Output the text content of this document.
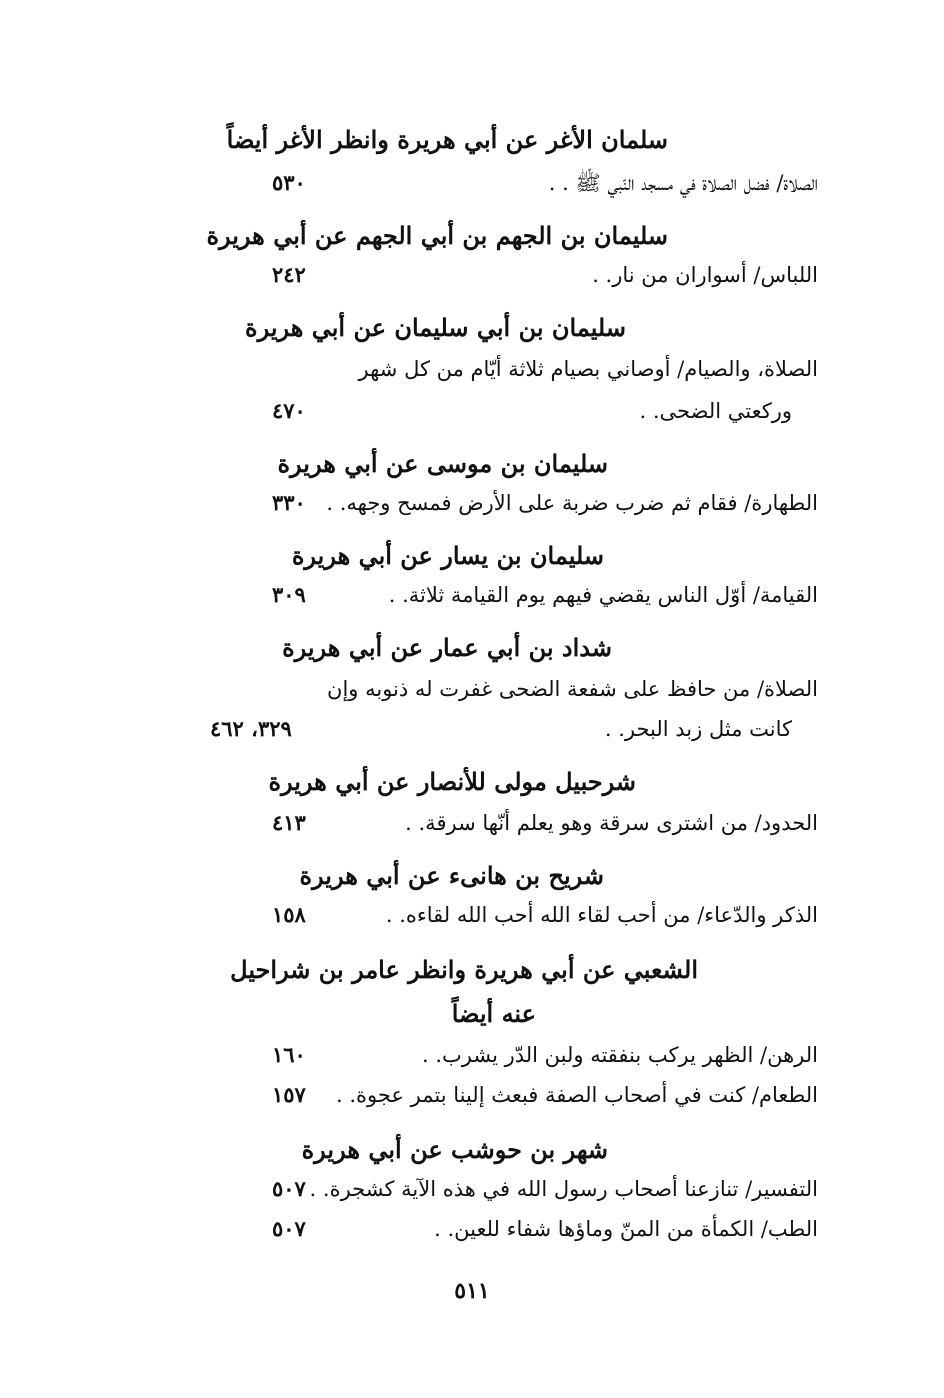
سلمان الأغر عن أبي هريرة وانظر الأغر أيضاً
الصلاة/ فضل الصلاة في مسجد النّبي ﷺ . .
٥٣٠
سليمان بن الجهم بن أبي الجهم عن أبي هريرة
اللباس/ أسواران من نار. .
٢٤٢
سليمان بن أبي سليمان عن أبي هريرة
الصلاة، والصيام/ أوصاني بصيام ثلاثة أيّام من كل شهر
وركعتي الضحى. .
٤٧٠
سليمان بن موسى عن أبي هريرة
الطهارة/ فقام ثم ضرب ضربة على الأرض فمسح وجهه. .
٣٣٠
سليمان بن يسار عن أبي هريرة
القيامة/ أوّل الناس يقضي فيهم يوم القيامة ثلاثة. .
٣٠٩
شداد بن أبي عمار عن أبي هريرة
الصلاة/ من حافظ على شفعة الضحى غفرت له ذنوبه وإن
كانت مثل زبد البحر. .
٣٢٩، ٤٦٢
شرحبيل مولى للأنصار عن أبي هريرة
الحدود/ من اشترى سرقة وهو يعلم أنّها سرقة. .
٤١٣
شريح بن هانىء عن أبي هريرة
الذكر والدّعاء/ من أحب لقاء الله أحب الله لقاءه. .
١٥٨
الشعبي عن أبي هريرة وانظر عامر بن شراحيل
عنه أيضاً
الرهن/ الظهر يركب بنفقته ولبن الدّر يشرب. .
١٦٠
الطعام/ كنت في أصحاب الصفة فبعث إلينا بتمر عجوة. .
١٥٧
شهر بن حوشب عن أبي هريرة
التفسير/ تنازعنا أصحاب رسول الله في هذه الآية كشجرة. .
٥٠٧
الطب/ الكمأة من المنّ وماؤها شفاء للعين. .
٥٠٧
٥١١
